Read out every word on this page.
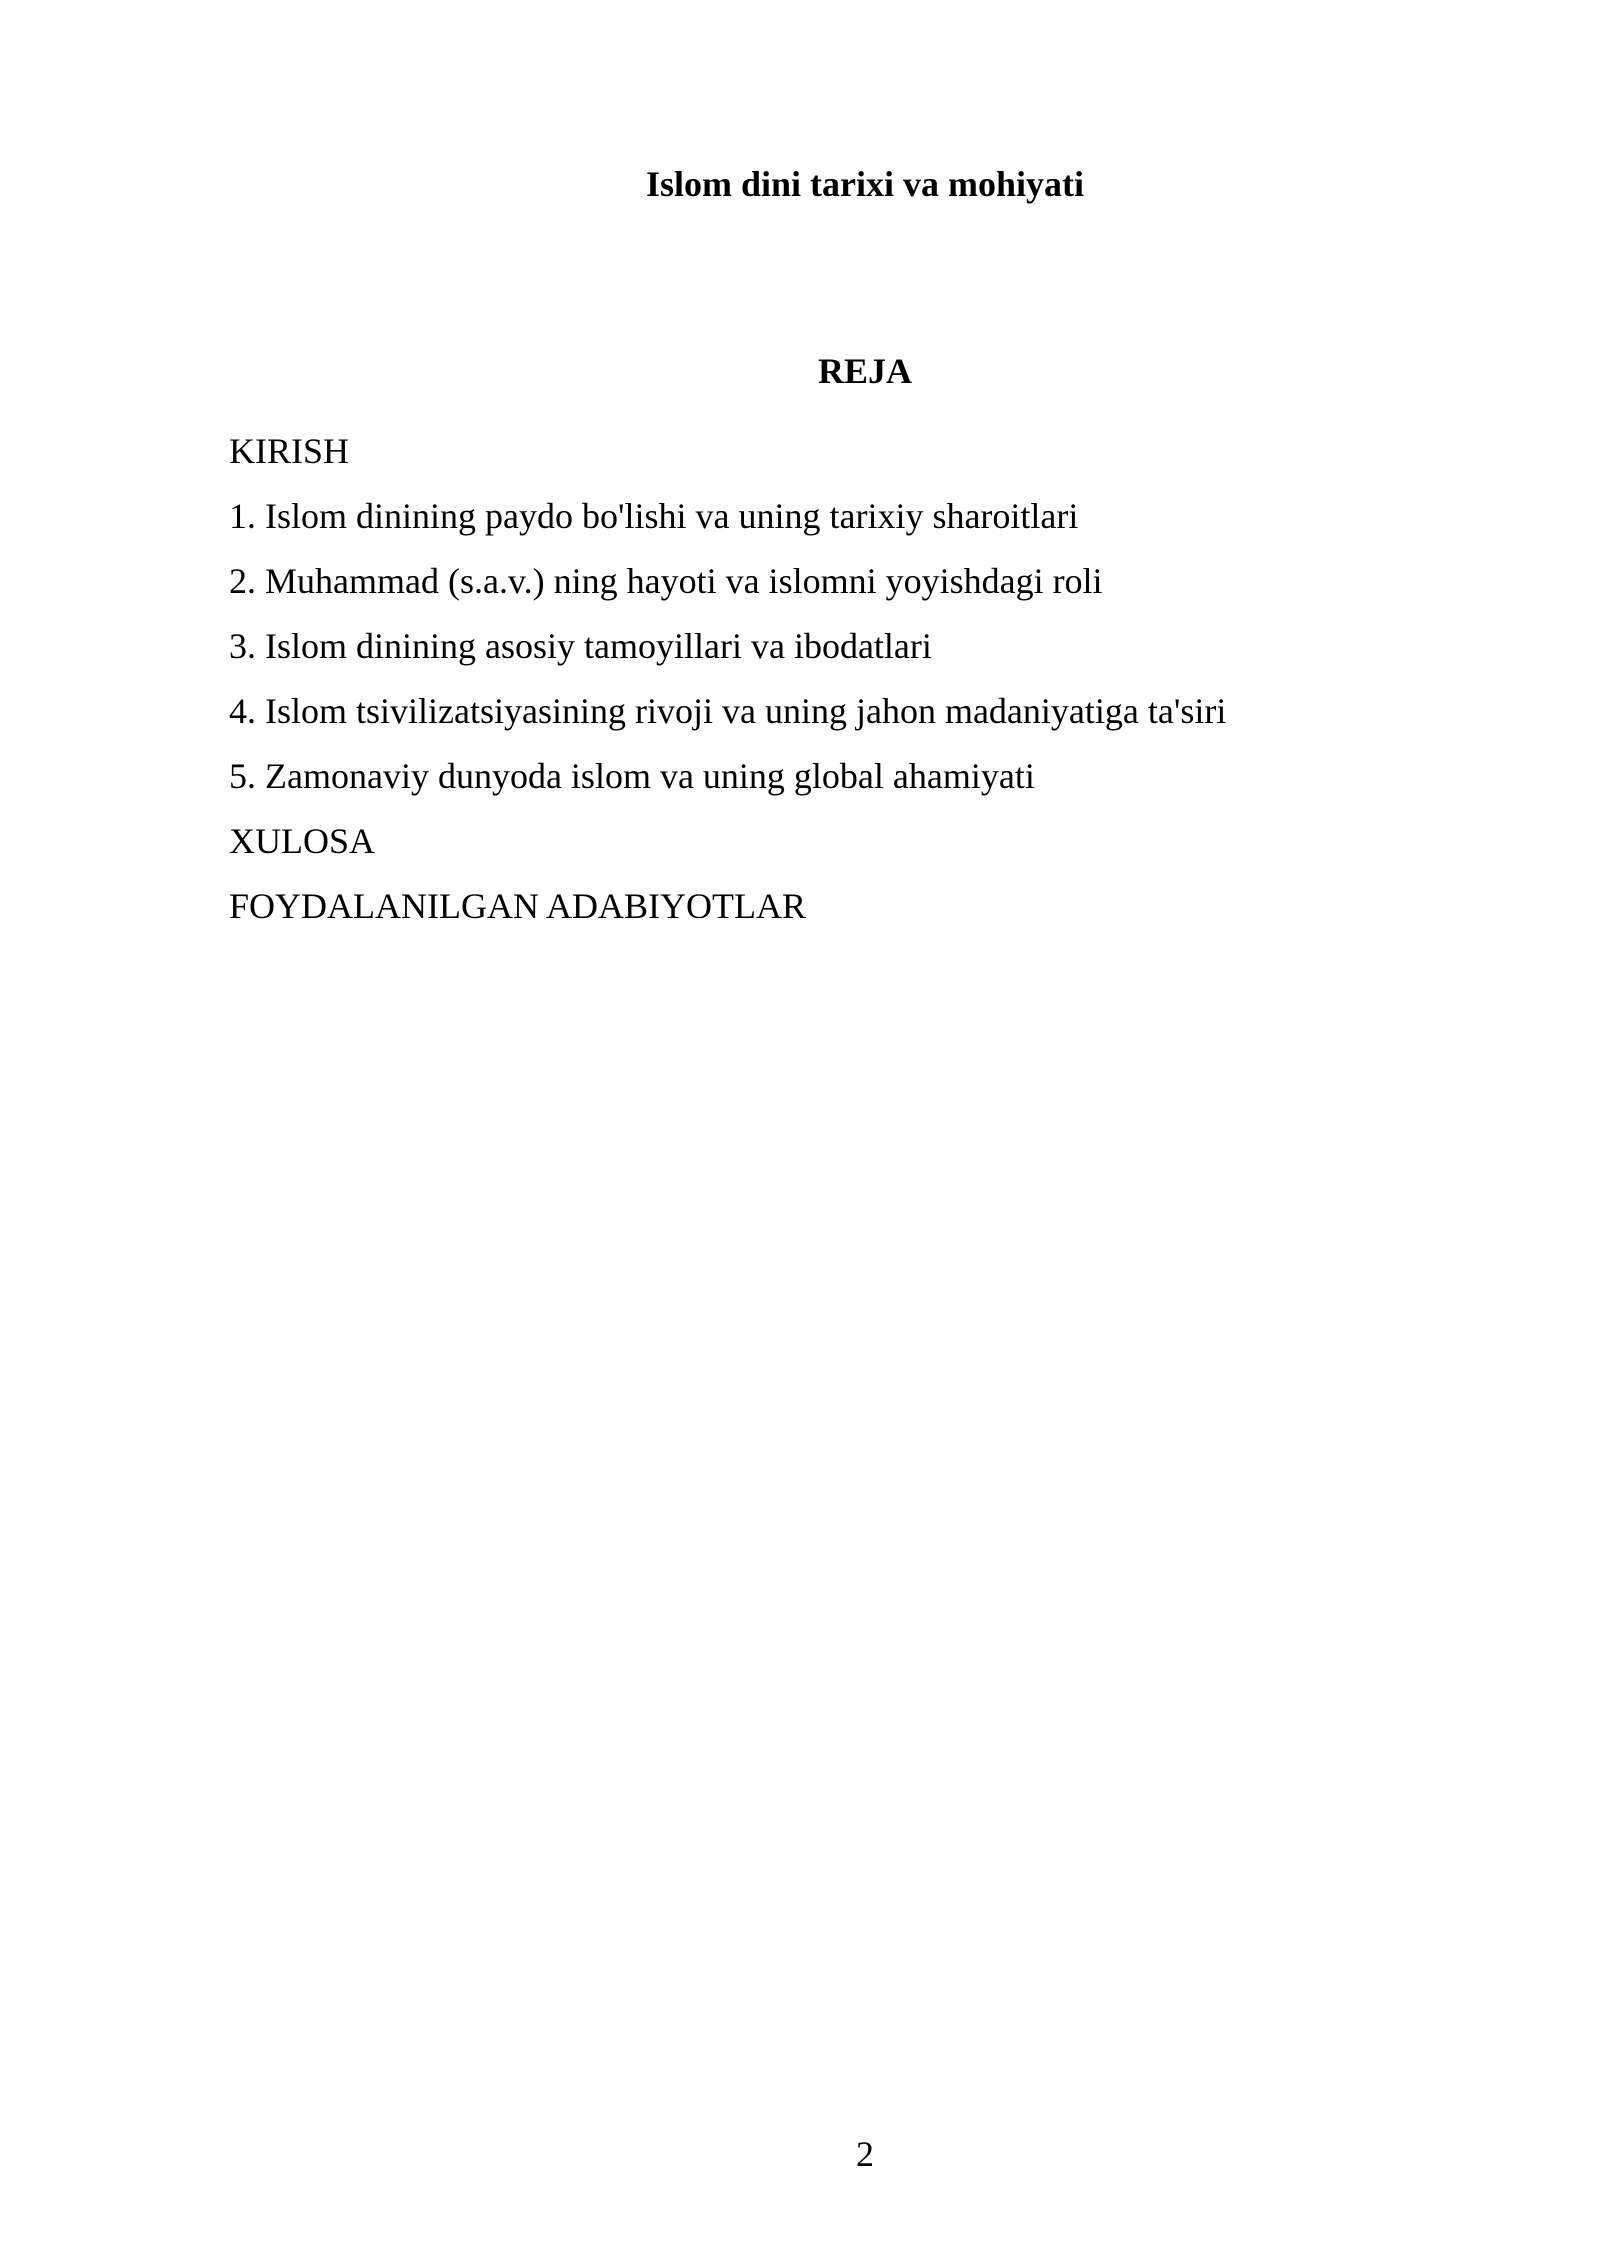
Islom dini tarixi va mohiyati
REJA
KIRISH
1. Islom dinining paydo bo'lishi va uning tarixiy sharoitlari
2. Muhammad (s.a.v.) ning hayoti va islomni yoyishdagi roli
3. Islom dinining asosiy tamoyillari va ibodatlari
4. Islom tsivilizatsiyasining rivoji va uning jahon madaniyatiga ta'siri
5. Zamonaviy dunyoda islom va uning global ahamiyati
XULOSA
FOYDALANILGAN ADABIYOTLAR
2
